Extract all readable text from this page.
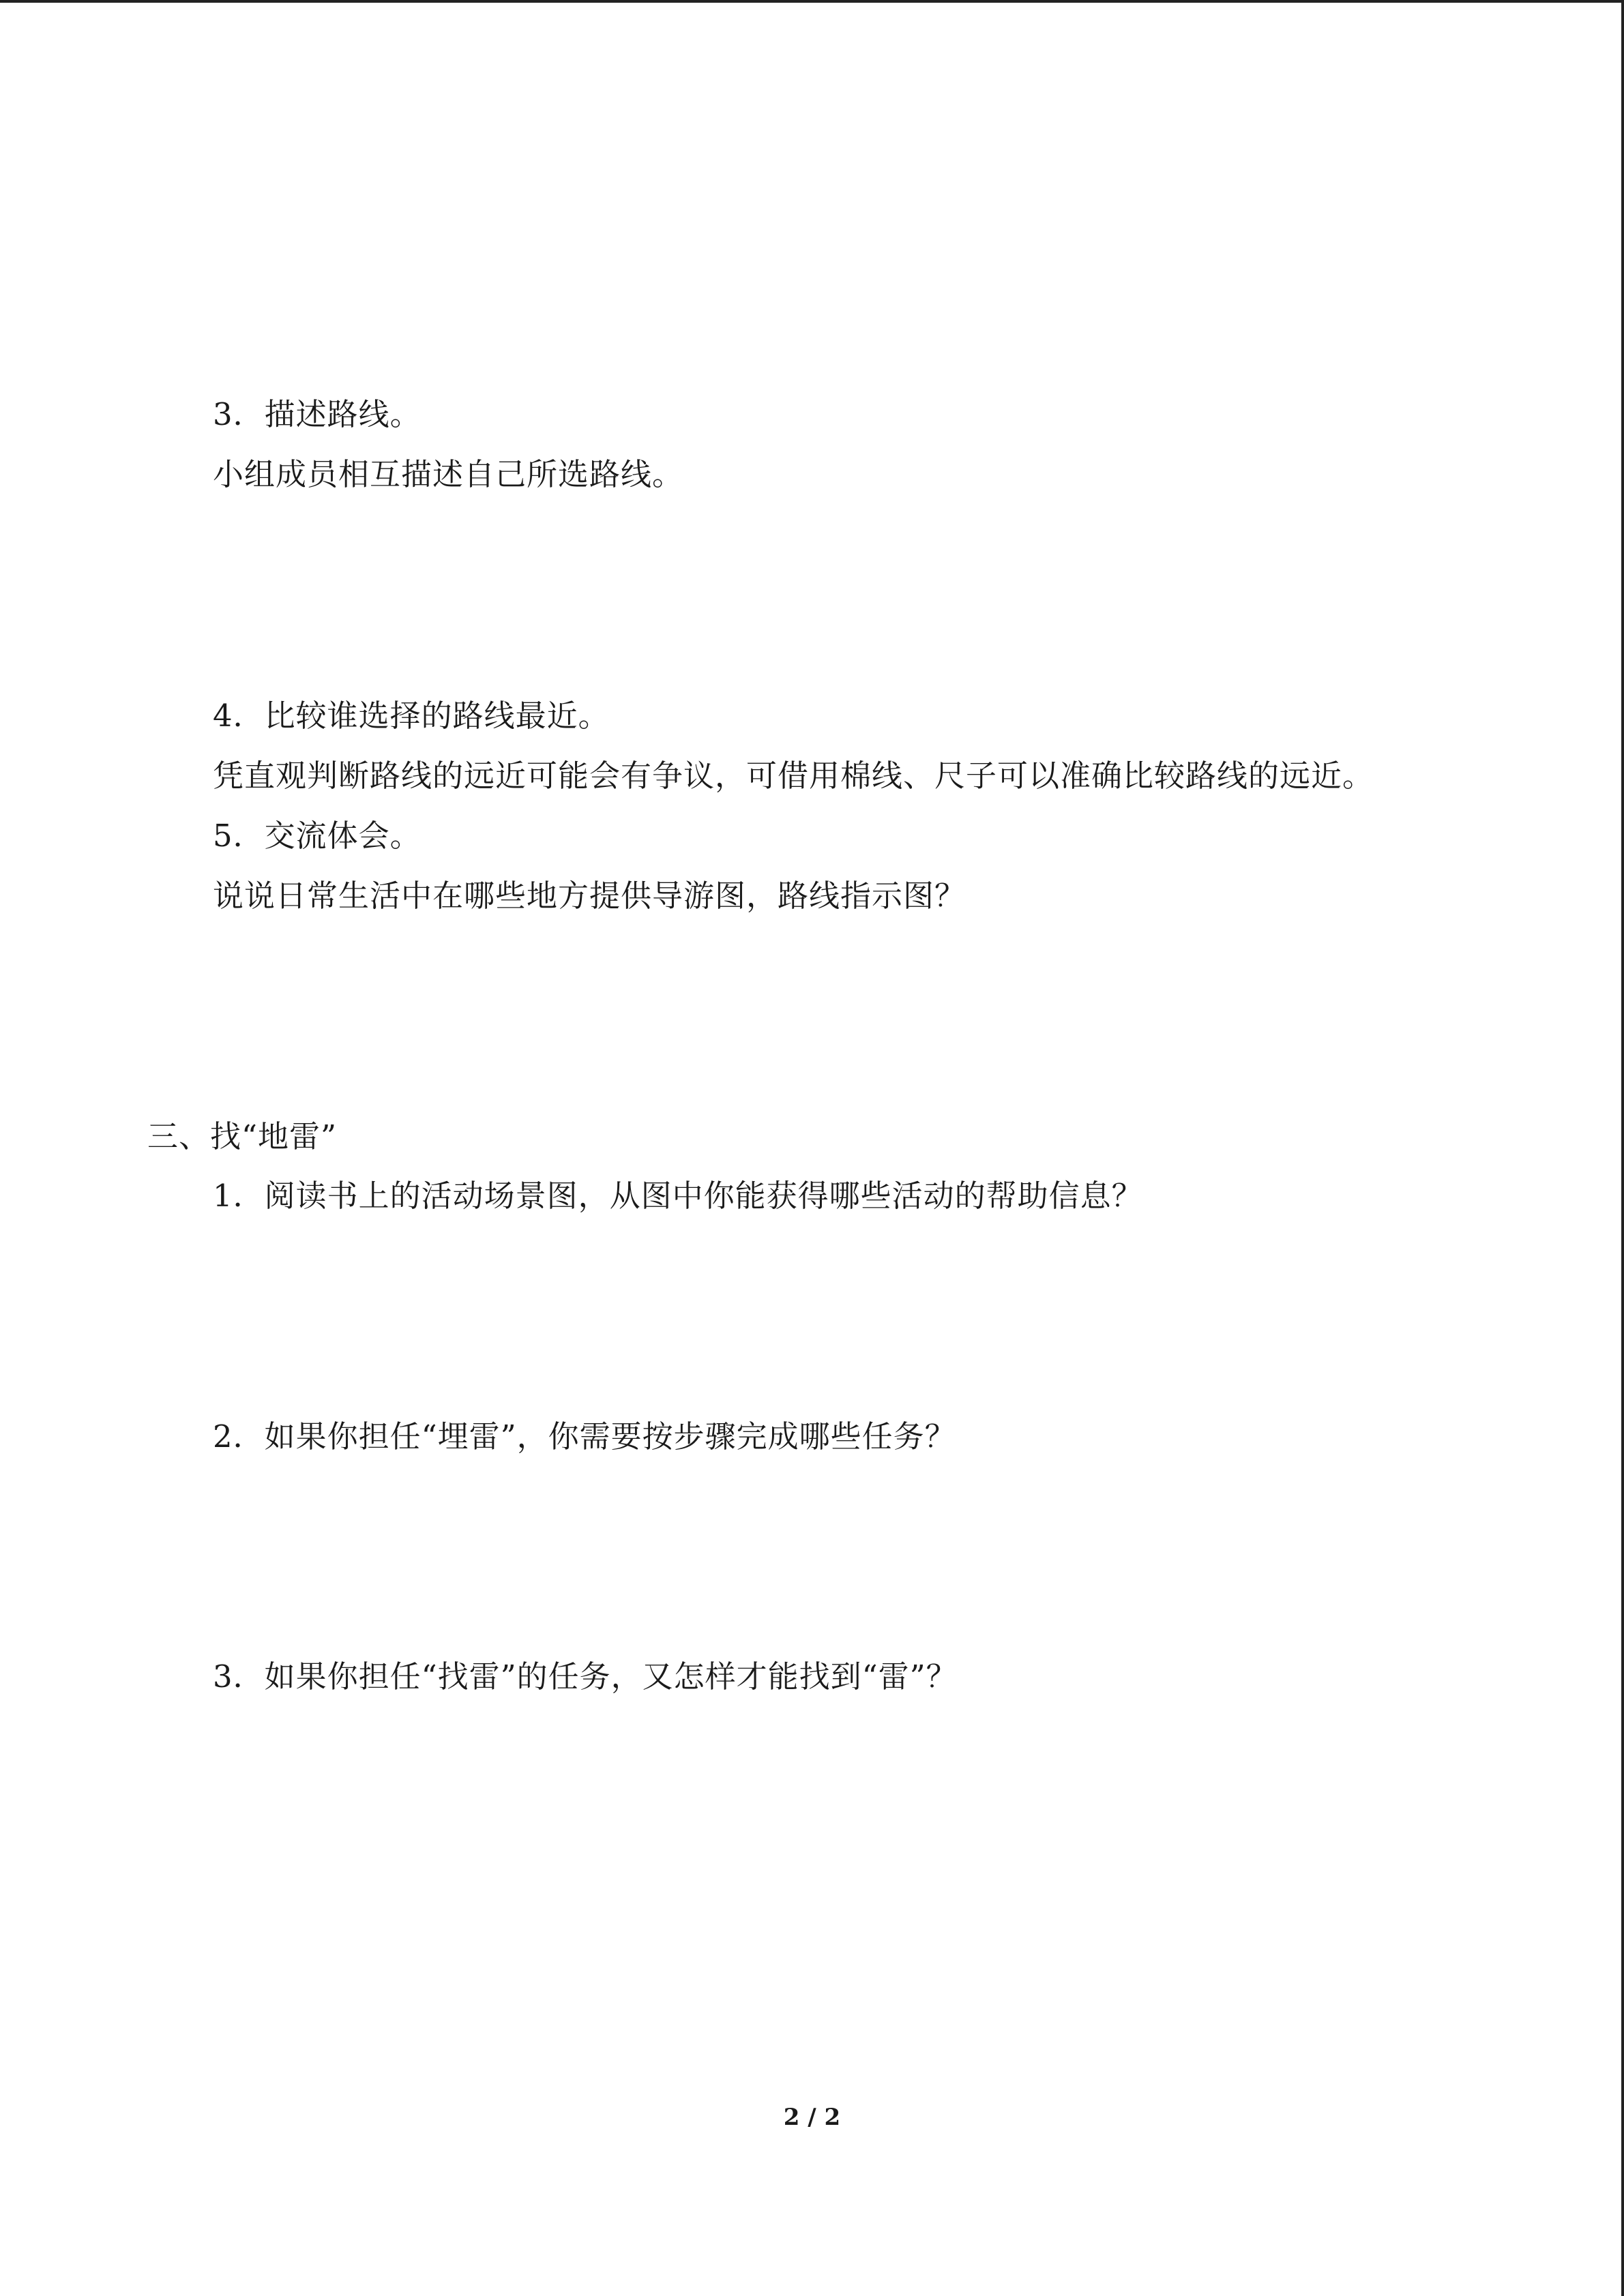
3．描述路线。
小组成员相互描述自己所选路线。
4．比较谁选择的路线最近。
凭直观判断路线的远近可能会有争议，可借用棉线、尺子可以准确比较路线的远近。
5．交流体会。
说说日常生活中在哪些地方提供导游图，路线指示图？
三、找“地雷”
1．阅读书上的活动场景图，从图中你能获得哪些活动的帮助信息？
2．如果你担任“埋雷”，你需要按步骤完成哪些任务？
3．如果你担任“找雷”的任务，又怎样才能找到“雷”？
2 / 2
